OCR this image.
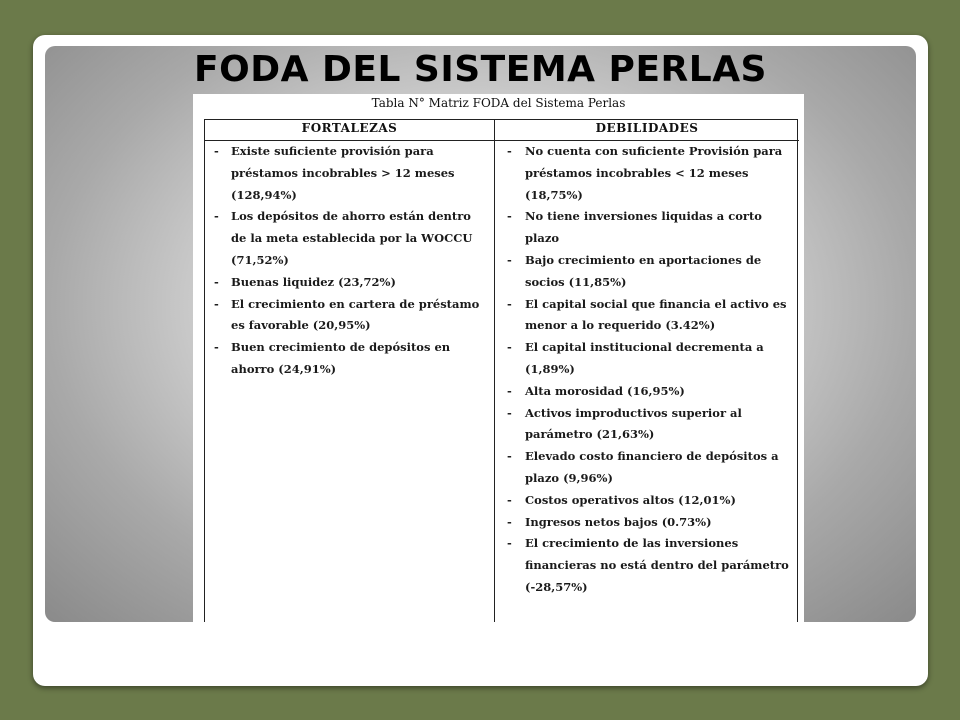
FODA DEL SISTEMA PERLAS
Tabla N° Matriz FODA del Sistema Perlas
FORTALEZAS
- Existe suficiente provisión para préstamos incobrables > 12 meses (128,94%)
- Los depósitos de ahorro están dentro de la meta establecida por la WOCCU (71,52%)
- Buenas liquidez (23,72%)
- El crecimiento en cartera de préstamo es favorable (20,95%)
- Buen crecimiento de depósitos en ahorro (24,91%)
DEBILIDADES
- No cuenta con suficiente Provisión para préstamos incobrables < 12 meses (18,75%)
- No tiene inversiones liquidas a corto plazo
- Bajo crecimiento en aportaciones de socios (11,85%)
- El capital social que financia el activo es menor a lo requerido (3.42%)
- El capital institucional decrementa a (1,89%)
- Alta morosidad (16,95%)
- Activos improductivos superior al parámetro (21,63%)
- Elevado costo financiero de depósitos a plazo (9,96%)
- Costos operativos altos (12,01%)
- Ingresos netos bajos (0.73%)
- El crecimiento de las inversiones financieras no está dentro del parámetro (-28,57%)
